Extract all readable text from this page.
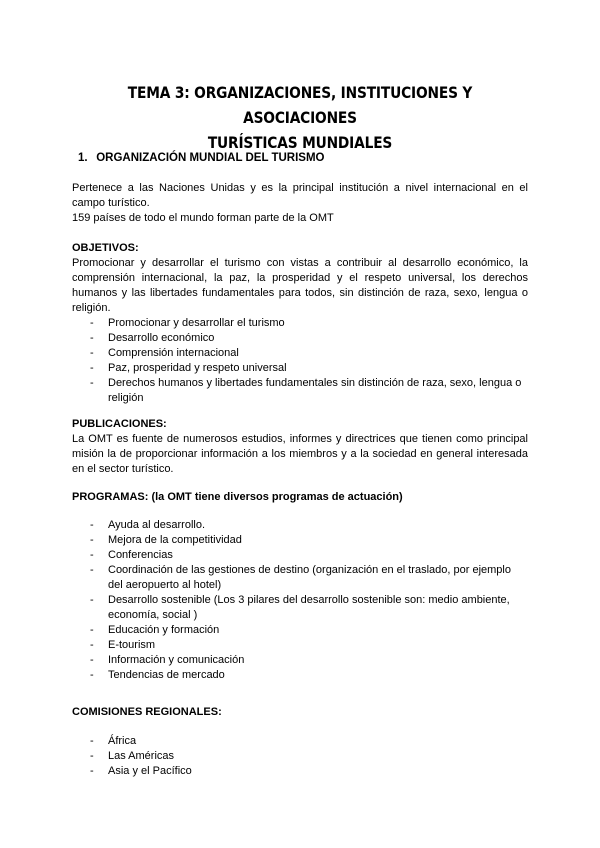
TEMA 3: ORGANIZACIONES, INSTITUCIONES Y ASOCIACIONES
TURÍSTICAS MUNDIALES
1. ORGANIZACIÓN MUNDIAL DEL TURISMO

Pertenece a las Naciones Unidas y es la principal institución a nivel internacional en el campo turístico.

159 países de todo el mundo forman parte de la OMT

OBJETIVOS:

Promocionar y desarrollar el turismo con vistas a contribuir al desarrollo económico, la comprensión internacional, la paz, la prosperidad y el respeto universal, los derechos humanos y las libertades fundamentales para todos, sin distinción de raza, sexo, lengua o religión.

- Promocionar y desarrollar el turismo
- Desarrollo económico
- Comprensión internacional
- Paz, prosperidad y respeto universal
- Derechos humanos y libertades fundamentales sin distinción de raza, sexo, lengua o religión

PUBLICACIONES:

La OMT es fuente de numerosos estudios, informes y directrices que tienen como principal misión la de proporcionar información a los miembros y a la sociedad en general interesada en el sector turístico.

PROGRAMAS: (la OMT tiene diversos programas de actuación)

- Ayuda al desarrollo.
- Mejora de la competitividad
- Conferencias
- Coordinación de las gestiones de destino (organización en el traslado, por ejemplo del aeropuerto al hotel)
- Desarrollo sostenible (Los 3 pilares del desarrollo sostenible son: medio ambiente, economía, social )
- Educación y formación
- E-tourism
- Información y comunicación
- Tendencias de mercado

COMISIONES REGIONALES:

- África
- Las Américas
- Asia y el Pacífico
